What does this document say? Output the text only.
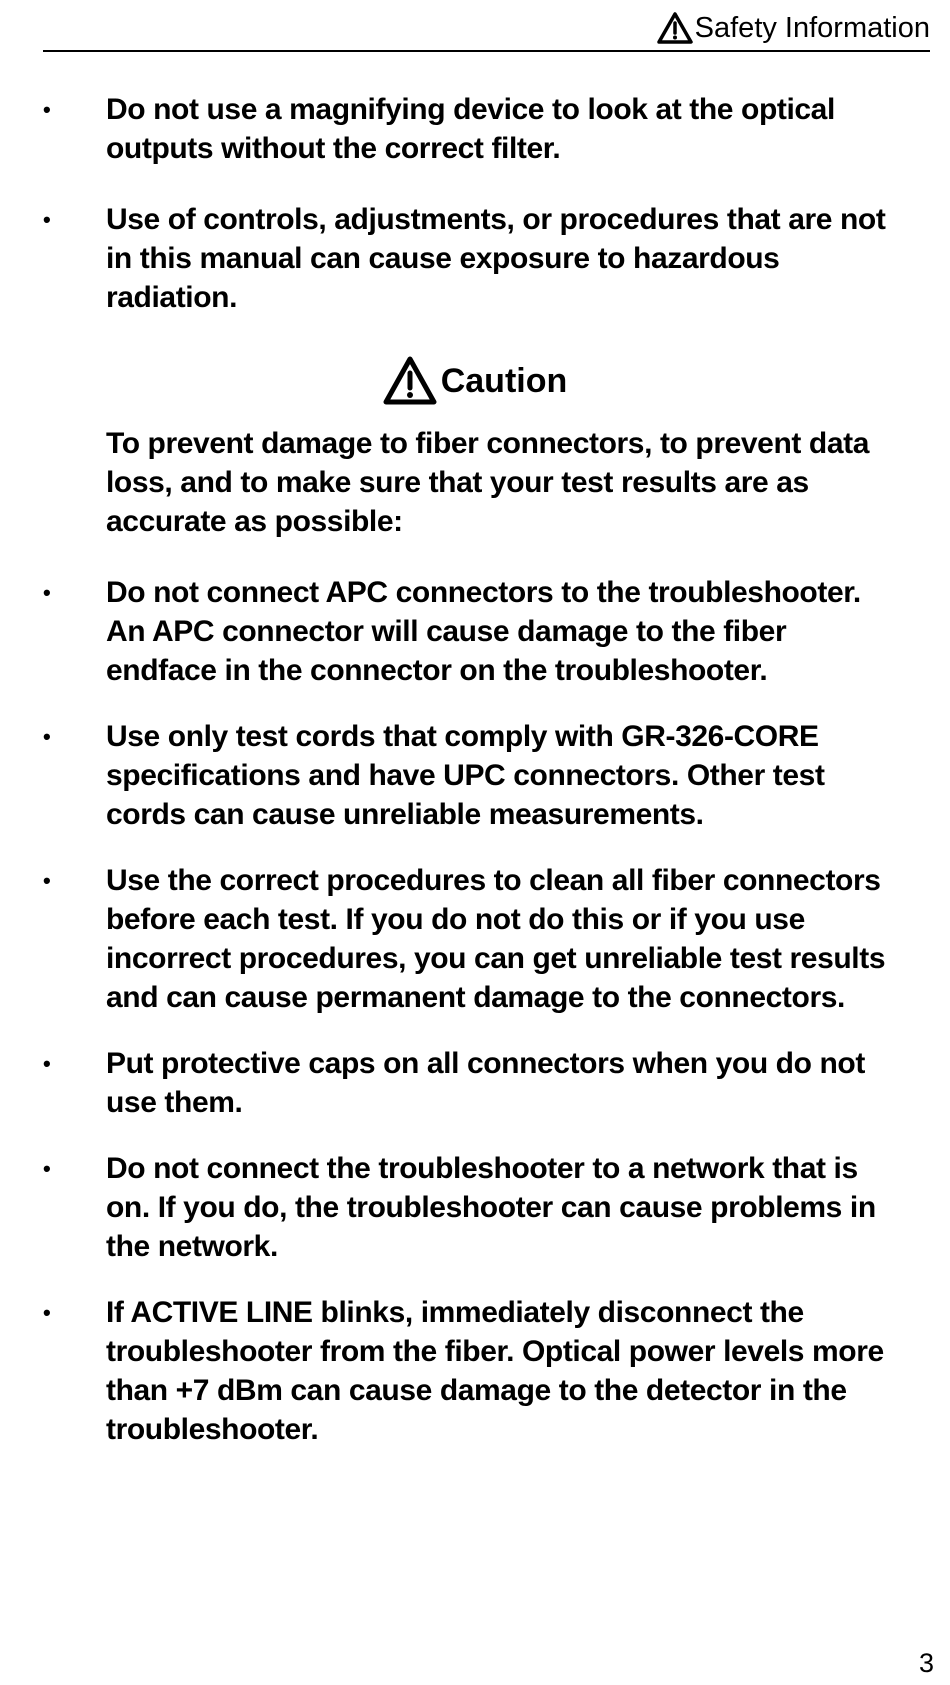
Safety Information
• Do not use a magnifying device to look at the optical outputs without the correct filter.
• Use of controls, adjustments, or procedures that are not in this manual can cause exposure to hazardous radiation.
Caution
To prevent damage to fiber connectors, to prevent data loss, and to make sure that your test results are as accurate as possible:
• Do not connect APC connectors to the troubleshooter. An APC connector will cause damage to the fiber endface in the connector on the troubleshooter.
• Use only test cords that comply with GR-326-CORE specifications and have UPC connectors. Other test cords can cause unreliable measurements.
• Use the correct procedures to clean all fiber connectors before each test. If you do not do this or if you use incorrect procedures, you can get unreliable test results and can cause permanent damage to the connectors.
• Put protective caps on all connectors when you do not use them.
• Do not connect the troubleshooter to a network that is on. If you do, the troubleshooter can cause problems in the network.
• If ACTIVE LINE blinks, immediately disconnect the troubleshooter from the fiber. Optical power levels more than +7 dBm can cause damage to the detector in the troubleshooter.
3
